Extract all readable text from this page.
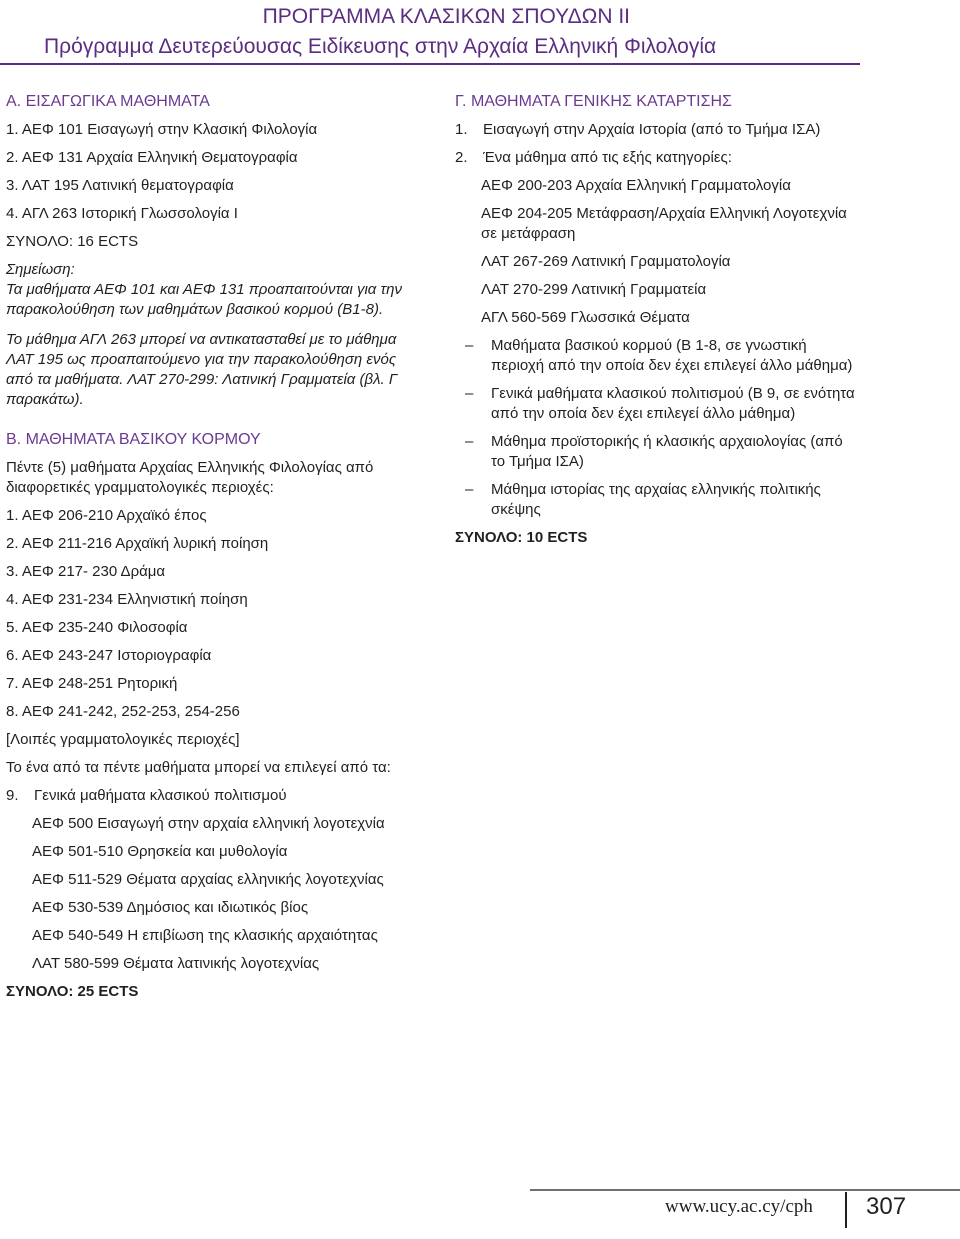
ΠΡΟΓΡΑΜΜΑ ΚΛΑΣΙΚΩΝ ΣΠΟΥΔΩΝ ΙΙ
Πρόγραμμα Δευτερεύουσας Ειδίκευσης στην Αρχαία Ελληνική Φιλολογία

Α. ΕΙΣΑΓΩΓΙΚΑ ΜΑΘΗΜΑΤΑ

1. ΑΕΦ 101 Εισαγωγή στην Κλασική Φιλολογία

2. ΑΕΦ 131 Αρχαία Ελληνική Θεματογραφία

3. ΛΑΤ 195 Λατινική θεματογραφία

4. ΑΓΛ 263 Ιστορική Γλωσσολογία Ι

ΣΥΝΟΛΟ: 16 ECTS

Σημείωση:

Τα μαθήματα ΑΕΦ 101 και ΑΕΦ 131 προαπαιτούνται για την παρακολούθηση των μαθημάτων βασικού κορμού (Β1-8).

Το μάθημα ΑΓΛ 263 μπορεί να αντικατασταθεί με το μάθημα ΛΑΤ 195 ως προαπαιτούμενο για την παρακολούθηση ενός από τα μαθήματα. ΛΑΤ 270-299: Λατινική Γραμματεία (βλ. Γ παρακάτω).

Β. ΜΑΘΗΜΑΤΑ ΒΑΣΙΚΟΥ ΚΟΡΜΟΥ

Πέντε (5) μαθήματα Αρχαίας Ελληνικής Φιλολογίας από διαφορετικές γραμματολογικές περιοχές:

1. ΑΕΦ 206-210 Αρχαϊκό έπος

2. ΑΕΦ 211-216 Αρχαϊκή λυρική ποίηση

3. ΑΕΦ 217- 230 Δράμα

4. ΑΕΦ 231-234 Ελληνιστική ποίηση

5. ΑΕΦ 235-240 Φιλοσοφία

6. ΑΕΦ 243-247 Ιστοριογραφία

7. ΑΕΦ 248-251 Ρητορική

8. ΑΕΦ 241-242, 252-253, 254-256

[Λοιπές γραμματολογικές περιοχές]

Το ένα από τα πέντε μαθήματα μπορεί να επιλεγεί από τα:

9.	Γενικά μαθήματα κλασικού πολιτισμού

ΑΕΦ 500 Εισαγωγή στην αρχαία ελληνική λογοτεχνία

ΑΕΦ 501-510 Θρησκεία και μυθολογία

ΑΕΦ 511-529 Θέματα αρχαίας ελληνικής λογοτεχνίας

ΑΕΦ 530-539 Δημόσιος και ιδιωτικός βίος

ΑΕΦ 540-549 Η επιβίωση της κλασικής αρχαιότητας

ΛΑΤ 580-599 Θέματα λατινικής λογοτεχνίας

ΣΥΝΟΛΟ: 25 ECTS

Γ. ΜΑΘΗΜΑΤΑ ΓΕΝΙΚΗΣ ΚΑΤΑΡΤΙΣΗΣ

1.	Εισαγωγή στην Αρχαία Ιστορία (από το Τμήμα ΙΣΑ)
2.	Ένα μάθημα από τις εξής κατηγορίες:

ΑΕΦ 200-203 Αρχαία Ελληνική Γραμματολογία

ΑΕΦ 204-205 Μετάφραση/Αρχαία Ελληνική Λογοτεχνία σε μετάφραση

ΛΑΤ 267-269 Λατινική Γραμματολογία

ΛΑΤ 270-299 Λατινική Γραμματεία

ΑΓΛ 560-569 Γλωσσικά Θέματα

–	Μαθήματα βασικού κορμού (Β 1-8, σε γνωστική περιοχή από την οποία δεν έχει επιλεγεί άλλο μάθημα)
–	Γενικά μαθήματα κλασικού πολιτισμού (Β 9, σε ενότητα από την οποία δεν έχει επιλεγεί άλλο μάθημα)
–	Μάθημα προϊστορικής ή κλασικής αρχαιολογίας (από το Τμήμα ΙΣΑ)
–	Μάθημα ιστορίας της αρχαίας ελληνικής πολιτικής σκέψης

ΣΥΝΟΛΟ: 10 ECTS

www.ucy.ac.cy/cph 307
